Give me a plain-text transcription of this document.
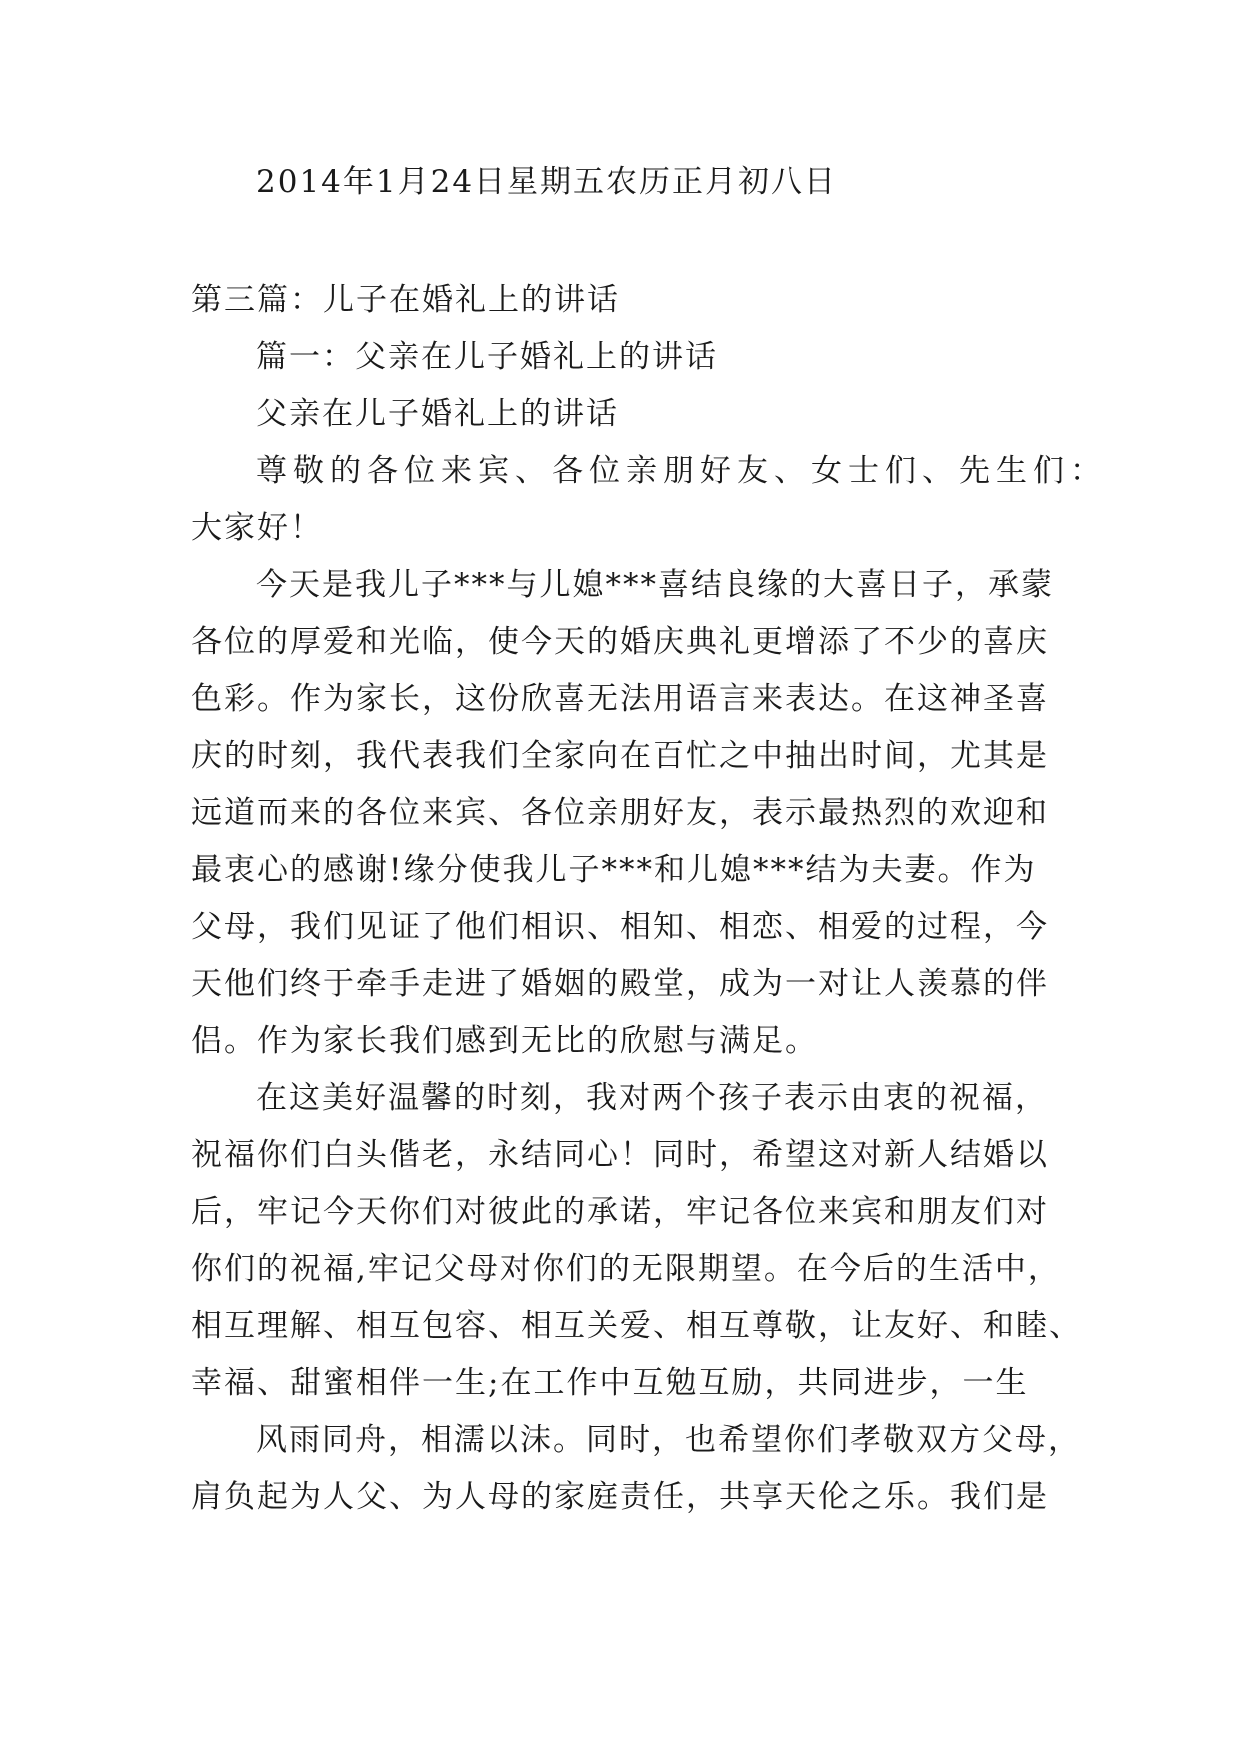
2014年1月24日星期五农历正月初八日
第三篇：儿子在婚礼上的讲话
篇一：父亲在儿子婚礼上的讲话
父亲在儿子婚礼上的讲话
尊敬的各位来宾、各位亲朋好友、女士们、先生们：
大家好！
今天是我儿子***与儿媳***喜结良缘的大喜日子，承蒙
各位的厚爱和光临，使今天的婚庆典礼更增添了不少的喜庆
色彩。作为家长，这份欣喜无法用语言来表达。在这神圣喜
庆的时刻，我代表我们全家向在百忙之中抽出时间，尤其是
远道而来的各位来宾、各位亲朋好友，表示最热烈的欢迎和
最衷心的感谢!缘分使我儿子***和儿媳***结为夫妻。作为
父母，我们见证了他们相识、相知、相恋、相爱的过程，今
天他们终于牵手走进了婚姻的殿堂，成为一对让人羡慕的伴
侣。作为家长我们感到无比的欣慰与满足。
在这美好温馨的时刻，我对两个孩子表示由衷的祝福，
祝福你们白头偕老，永结同心！同时，希望这对新人结婚以
后，牢记今天你们对彼此的承诺，牢记各位来宾和朋友们对
你们的祝福,牢记父母对你们的无限期望。在今后的生活中，
相互理解、相互包容、相互关爱、相互尊敬，让友好、和睦、
幸福、甜蜜相伴一生;在工作中互勉互励，共同进步，一生
风雨同舟，相濡以沫。同时，也希望你们孝敬双方父母，
肩负起为人父、为人母的家庭责任，共享天伦之乐。我们是
